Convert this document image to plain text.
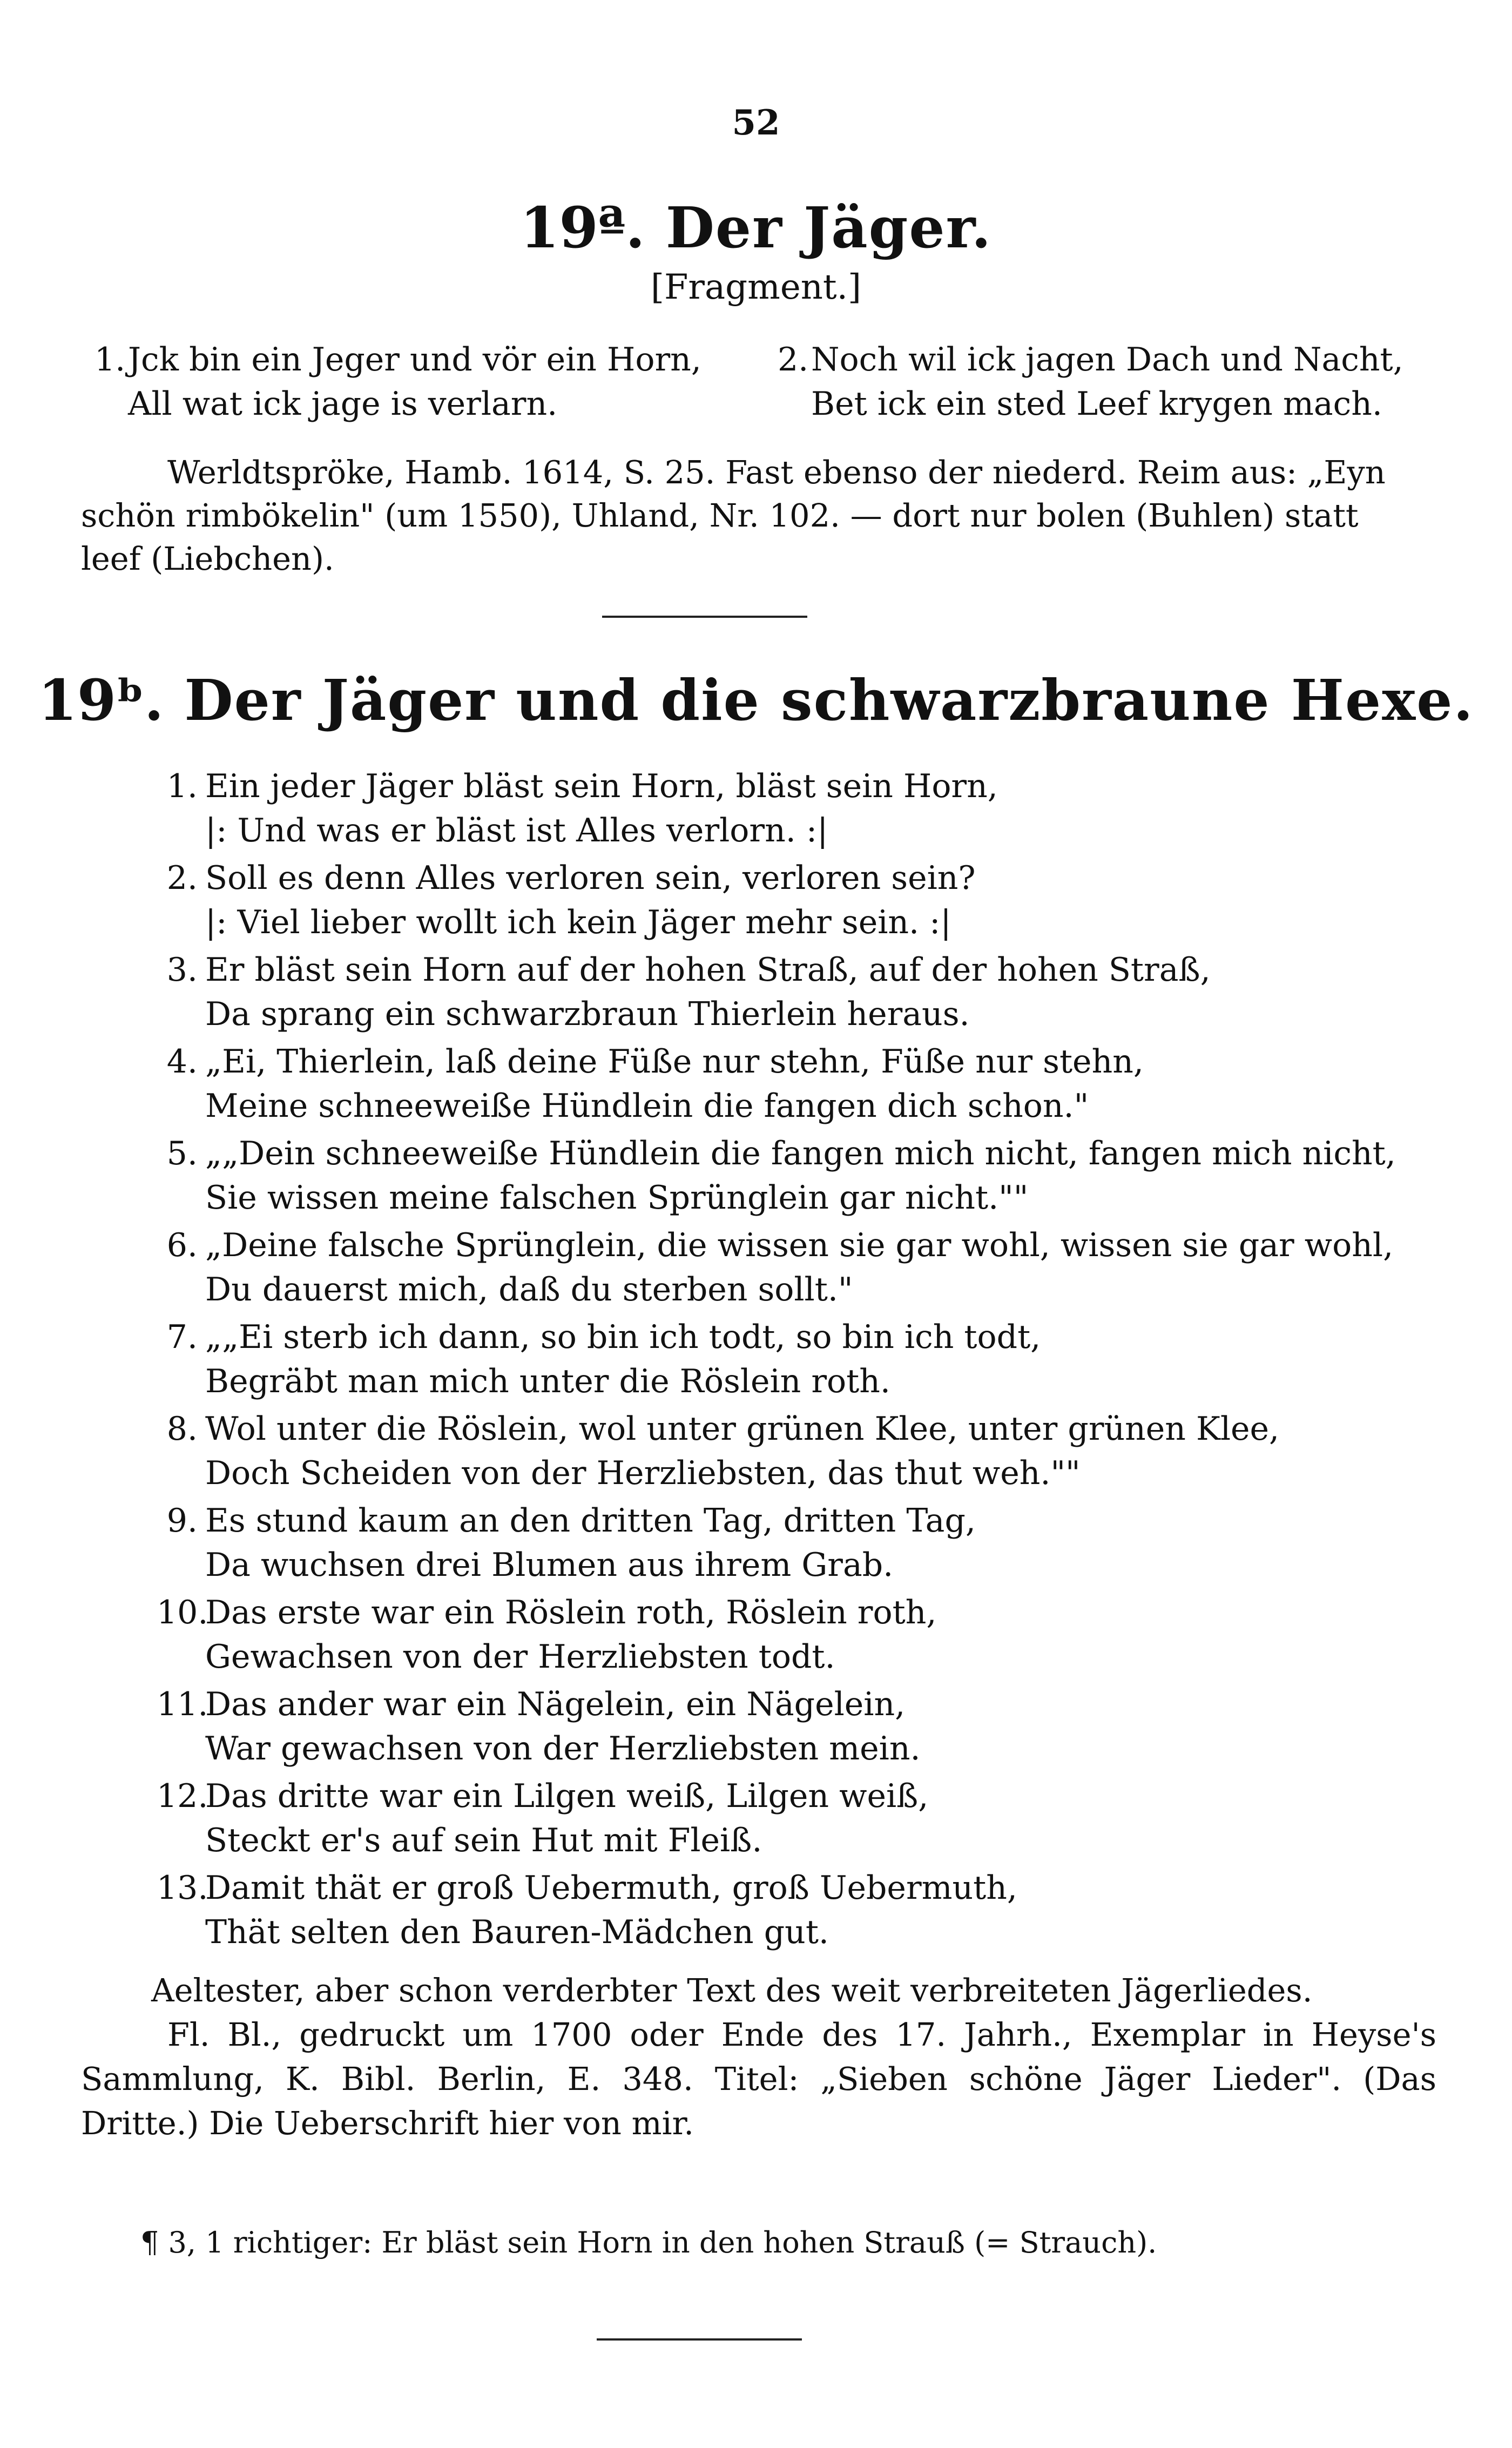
52
19ª. Der Jäger.
[Fragment.]
1.Jck bin ein Jeger und vör ein Horn,
All wat ick jage is verlarn.
2.Noch wil ick jagen Dach und Nacht,
Bet ick ein sted Leef krygen mach.
Werldtspröke, Hamb. 1614, S. 25. Fast ebenso der niederd. Reim aus: „Eyn
schön rimbökelin" (um 1550), Uhland, Nr. 102. — dort nur bolen (Buhlen) statt
leef (Liebchen).
19ᵇ. Der Jäger und die schwarzbraune Hexe.
1. Ein jeder Jäger bläst sein Horn, bläst sein Horn,
|: Und was er bläst ist Alles verlorn. :|
2. Soll es denn Alles verloren sein, verloren sein?
|: Viel lieber wollt ich kein Jäger mehr sein. :|
3. Er bläst sein Horn auf der hohen Straß, auf der hohen Straß,
Da sprang ein schwarzbraun Thierlein heraus.
4. „Ei, Thierlein, laß deine Füße nur stehn, Füße nur stehn,
Meine schneeweiße Hündlein die fangen dich schon."
5. „„Dein schneeweiße Hündlein die fangen mich nicht, fangen mich nicht,
Sie wissen meine falschen Sprünglein gar nicht.""
6. „Deine falsche Sprünglein, die wissen sie gar wohl, wissen sie gar wohl,
Du dauerst mich, daß du sterben sollt."
7. „„Ei sterb ich dann, so bin ich todt, so bin ich todt,
Begräbt man mich unter die Röslein roth.
8. Wol unter die Röslein, wol unter grünen Klee, unter grünen Klee,
Doch Scheiden von der Herzliebsten, das thut weh.""
9. Es stund kaum an den dritten Tag, dritten Tag,
Da wuchsen drei Blumen aus ihrem Grab.
10.Das erste war ein Röslein roth, Röslein roth,
Gewachsen von der Herzliebsten todt.
11.Das ander war ein Nägelein, ein Nägelein,
War gewachsen von der Herzliebsten mein.
12.Das dritte war ein Lilgen weiß, Lilgen weiß,
Steckt er's auf sein Hut mit Fleiß.
13.Damit thät er groß Uebermuth, groß Uebermuth,
Thät selten den Bauren-Mädchen gut.

Aeltester, aber schon verderbter Text des weit verbreiteten Jägerliedes.

Fl. Bl., gedruckt um 1700 oder Ende des 17. Jahrh., Exemplar in Heyse's Sammlung, K. Bibl. Berlin, E. 348. Titel: „Sieben schöne Jäger Lieder". (Das Dritte.) Die Ueberschrift hier von mir.

¶ 3, 1 richtiger: Er bläst sein Horn in den hohen Strauß (= Strauch).
